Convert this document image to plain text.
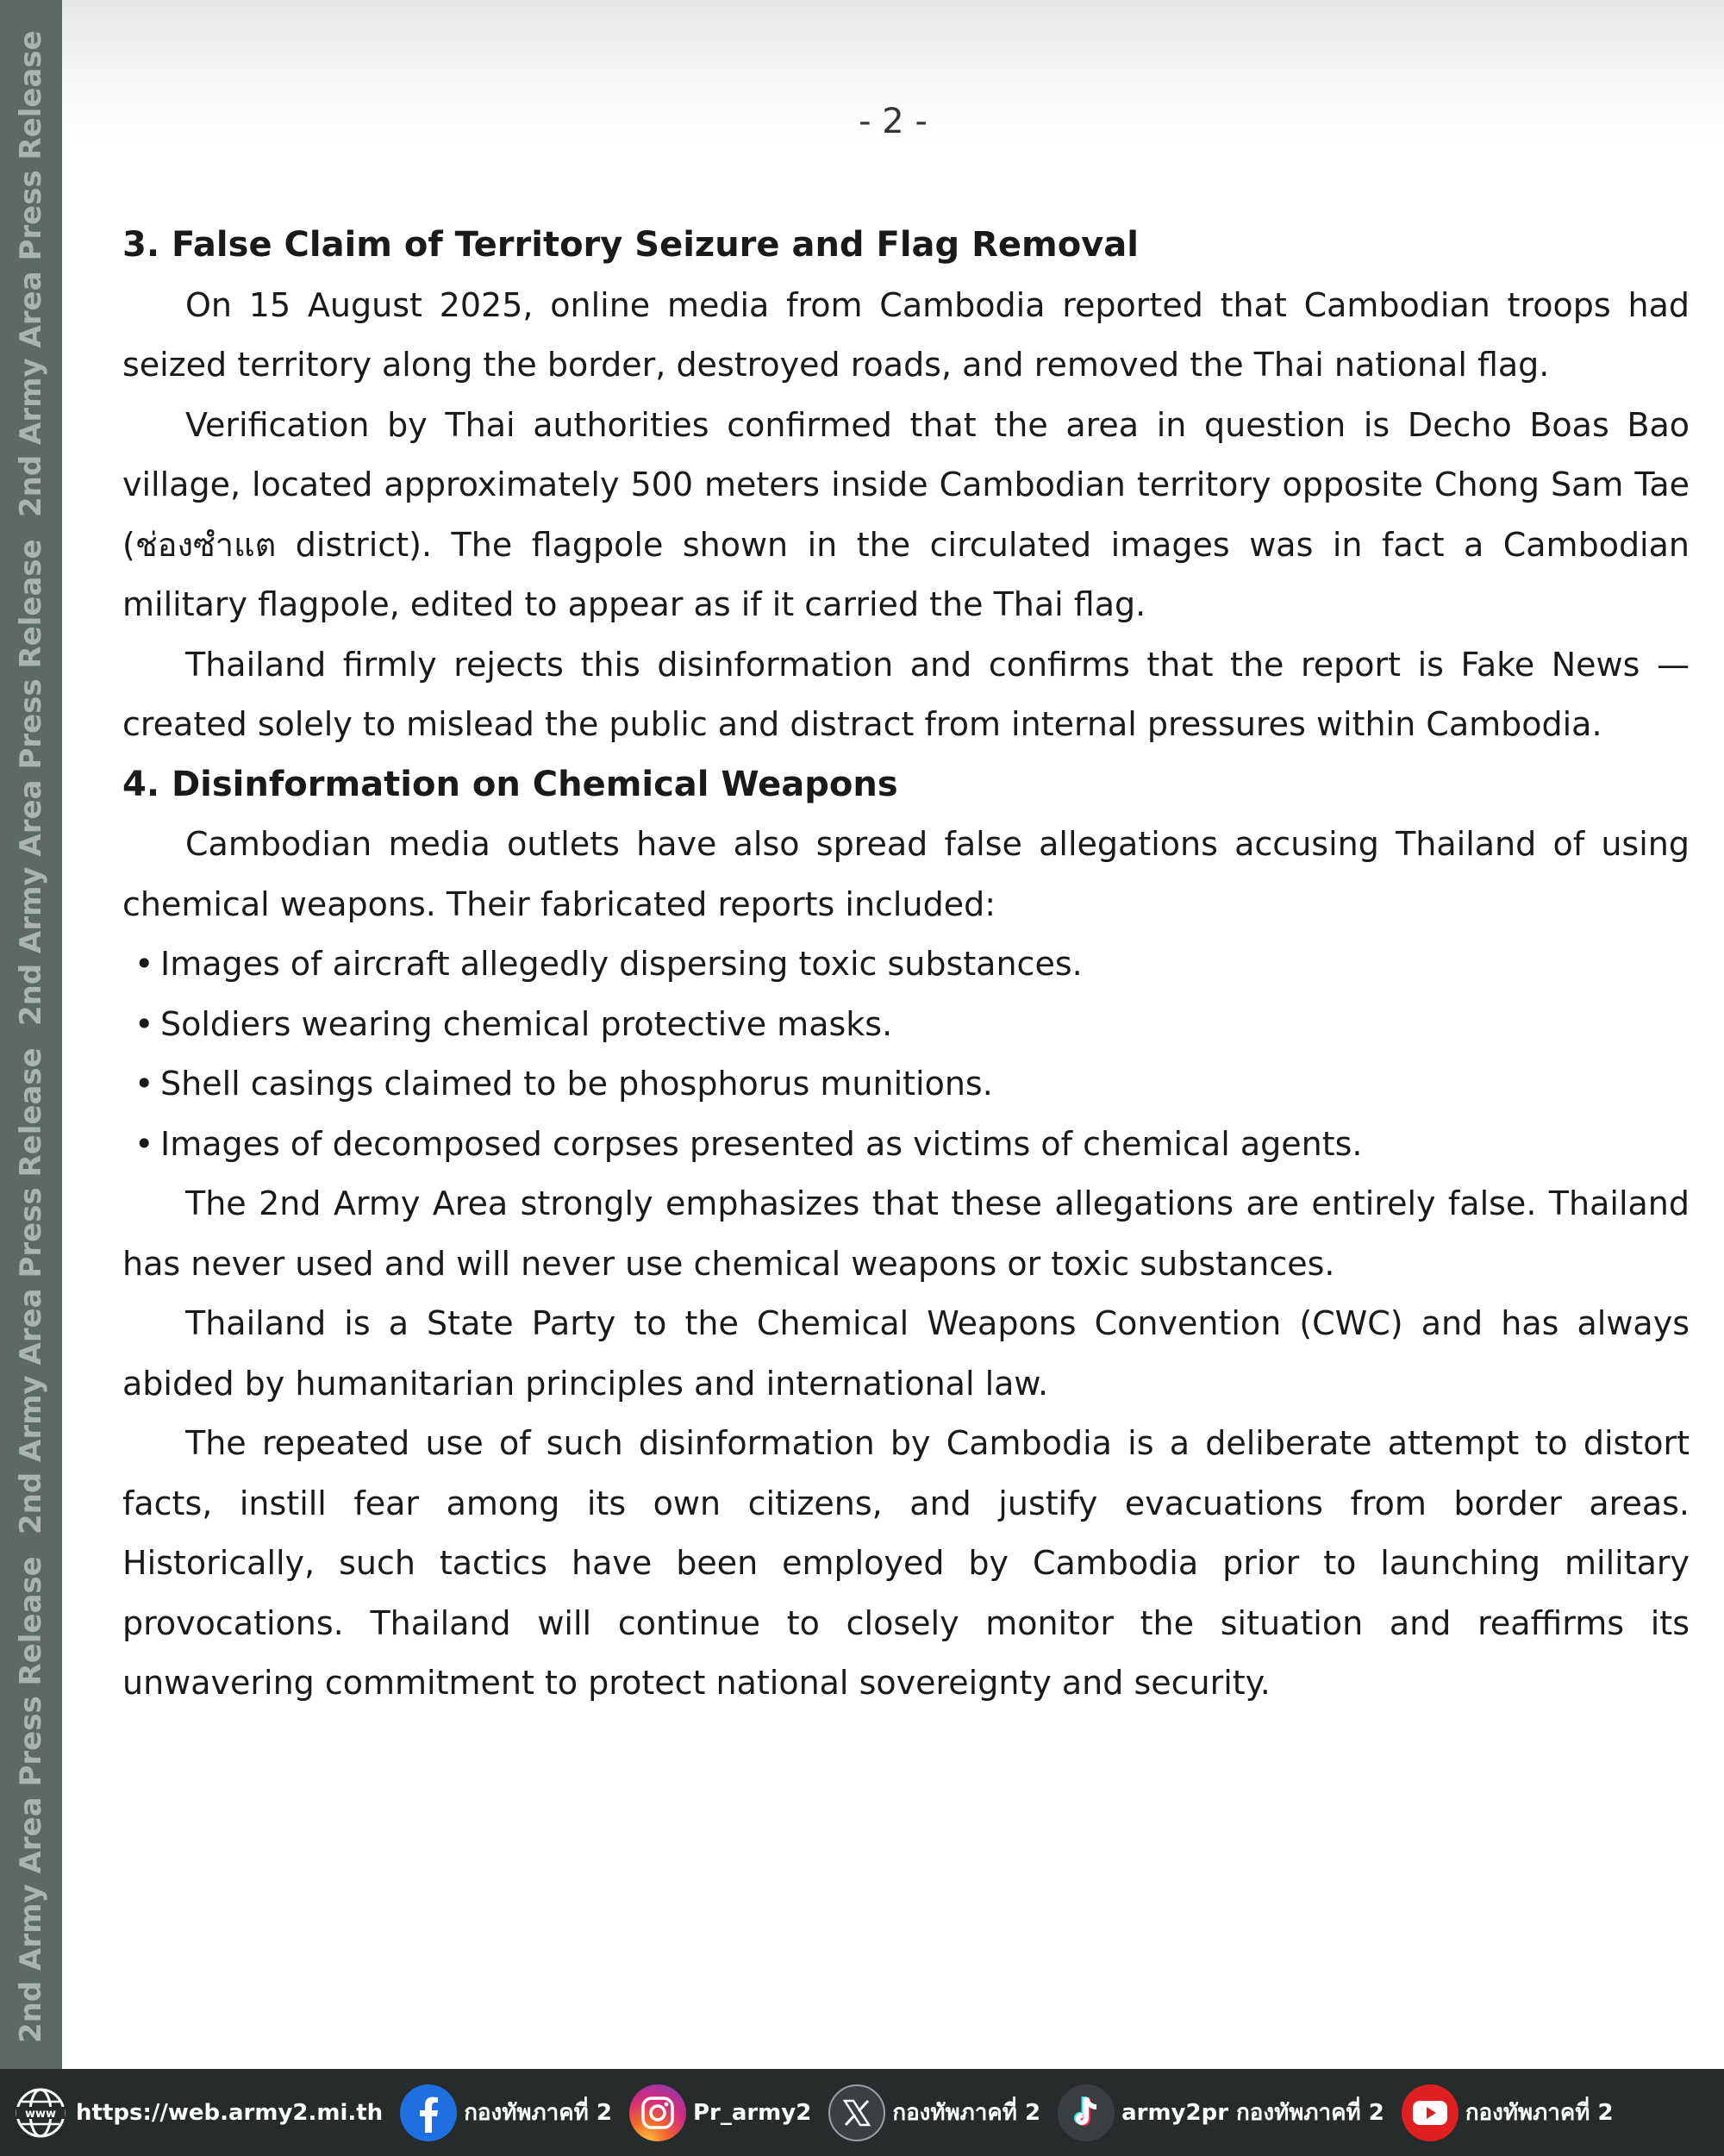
2nd Army Area Press Release
2nd Army Area Press Release
2nd Army Area Press Release
2nd Army Area Press Release	- 2 -
3. False Claim of Territory Seizure and Flag Removal
On 15 August 2025, online media from Cambodia reported that Cambodian troops had seized territory along the border, destroyed roads, and removed the Thai national flag.
Verification by Thai authorities confirmed that the area in question is Decho Boas Bao village, located approximately 500 meters inside Cambodian territory opposite Chong Sam Tae (ช่องซำแต district). The flagpole shown in the circulated images was in fact a Cambodian military flagpole, edited to appear as if it carried the Thai flag.
Thailand firmly rejects this disinformation and confirms that the report is Fake News — created solely to mislead the public and distract from internal pressures within Cambodia.
4. Disinformation on Chemical Weapons
Cambodian media outlets have also spread false allegations accusing Thailand of using chemical weapons. Their fabricated reports included:
• Images of aircraft allegedly dispersing toxic substances.
• Soldiers wearing chemical protective masks.
• Shell casings claimed to be phosphorus munitions.
• Images of decomposed corpses presented as victims of chemical agents.
The 2nd Army Area strongly emphasizes that these allegations are entirely false. Thailand has never used and will never use chemical weapons or toxic substances.
Thailand is a State Party to the Chemical Weapons Convention (CWC) and has always abided by humanitarian principles and international law.
The repeated use of such disinformation by Cambodia is a deliberate attempt to distort facts, instill fear among its own citizens, and justify evacuations from border areas. Historically, such tactics have been employed by Cambodia prior to launching military provocations. Thailand will continue to closely monitor the situation and reaffirms its unwavering commitment to protect national sovereignty and security.
www https://web.army2.mi.th	กองทัพภาคที่ 2	Pr_army2	กองทัพภาคที่ 2	army2pr กองทัพภาคที่ 2	กองทัพภาคที่ 2
